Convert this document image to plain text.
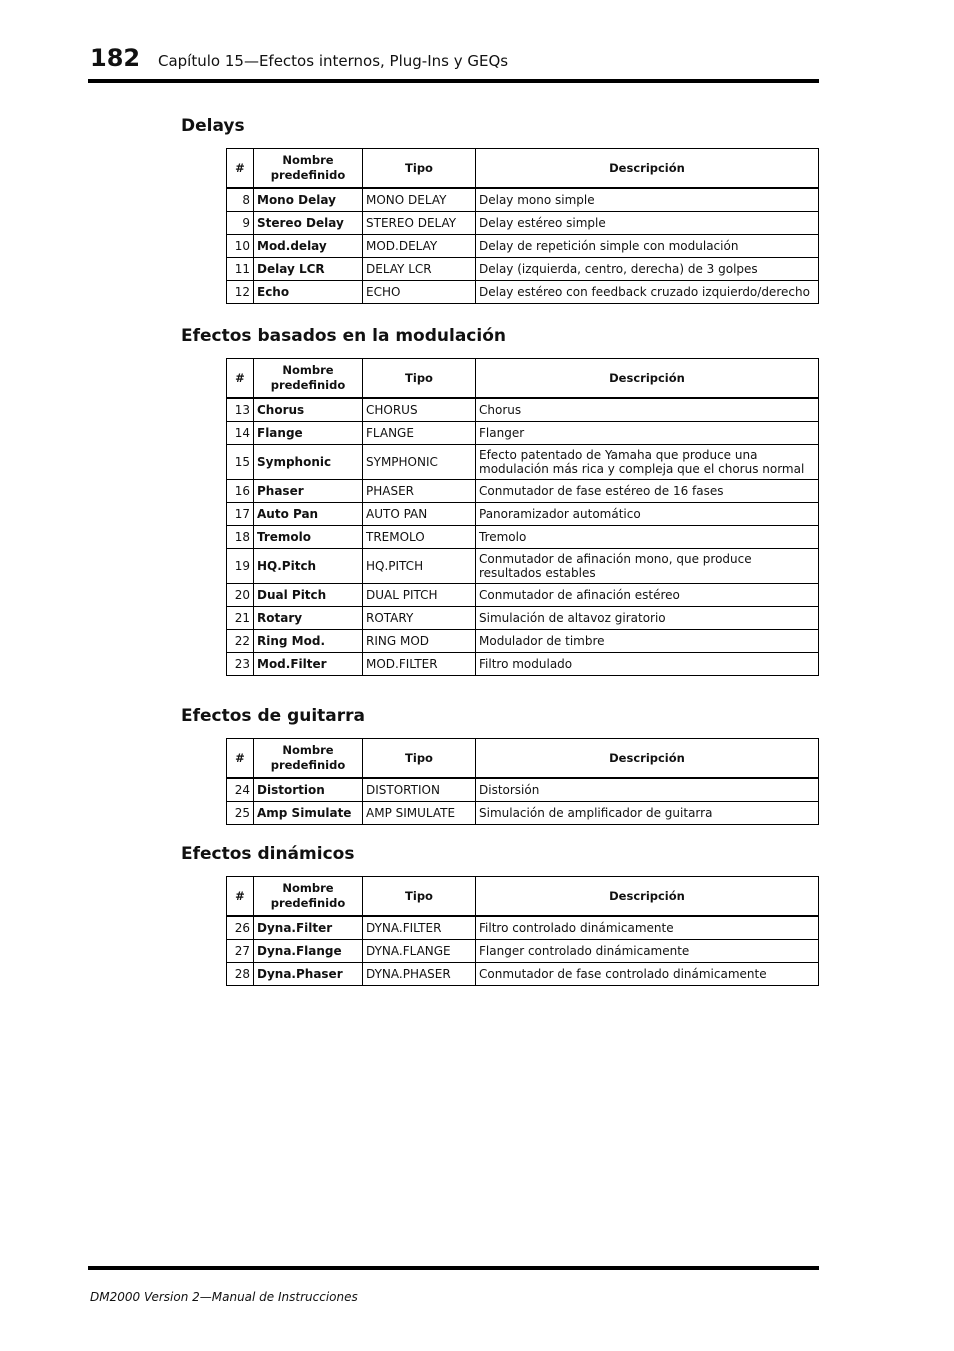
182 Capítulo 15—Efectos internos, Plug-Ins y GEQs
Delays
#	Nombre predefinido	Tipo	Descripción
8	Mono Delay	MONO DELAY	Delay mono simple
9	Stereo Delay	STEREO DELAY	Delay estéreo simple
10	Mod.delay	MOD.DELAY	Delay de repetición simple con modulación
11	Delay LCR	DELAY LCR	Delay (izquierda, centro, derecha) de 3 golpes
12	Echo	ECHO	Delay estéreo con feedback cruzado izquierdo/derecho
Efectos basados en la modulación
#	Nombre predefinido	Tipo	Descripción
13	Chorus	CHORUS	Chorus
14	Flange	FLANGE	Flanger
15	Symphonic	SYMPHONIC	Efecto patentado de Yamaha que produce una modulación más rica y compleja que el chorus normal
16	Phaser	PHASER	Conmutador de fase estéreo de 16 fases
17	Auto Pan	AUTO PAN	Panoramizador automático
18	Tremolo	TREMOLO	Tremolo
19	HQ.Pitch	HQ.PITCH	Conmutador de afinación mono, que produce resultados estables
20	Dual Pitch	DUAL PITCH	Conmutador de afinación estéreo
21	Rotary	ROTARY	Simulación de altavoz giratorio
22	Ring Mod.	RING MOD	Modulador de timbre
23	Mod.Filter	MOD.FILTER	Filtro modulado
Efectos de guitarra
#	Nombre predefinido	Tipo	Descripción
24	Distortion	DISTORTION	Distorsión
25	Amp Simulate	AMP SIMULATE	Simulación de amplificador de guitarra
Efectos dinámicos
#	Nombre predefinido	Tipo	Descripción
26	Dyna.Filter	DYNA.FILTER	Filtro controlado dinámicamente
27	Dyna.Flange	DYNA.FLANGE	Flanger controlado dinámicamente
28	Dyna.Phaser	DYNA.PHASER	Conmutador de fase controlado dinámicamente
DM2000 Version 2—Manual de Instrucciones
